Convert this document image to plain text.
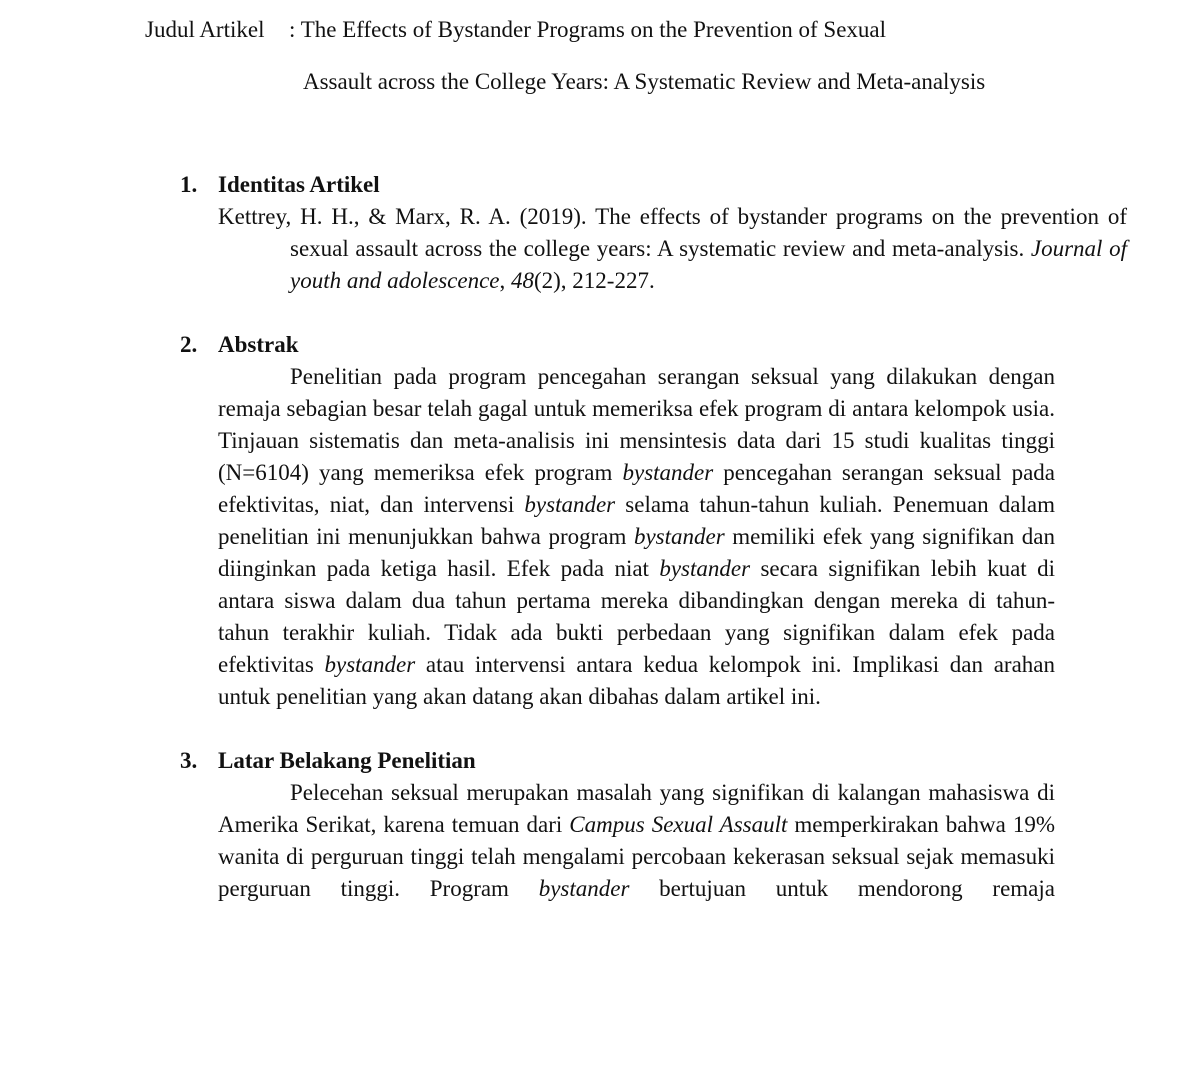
Judul Artikel : The Effects of Bystander Programs on the Prevention of Sexual
Assault across the College Years: A Systematic Review and Meta-analysis
1. Identitas Artikel
Kettrey, H. H., & Marx, R. A. (2019). The effects of bystander programs on the prevention of sexual assault across the college years: A systematic review and meta-analysis. Journal of youth and adolescence, 48(2), 212-227.
2. Abstrak
Penelitian pada program pencegahan serangan seksual yang dilakukan dengan remaja sebagian besar telah gagal untuk memeriksa efek program di antara kelompok usia. Tinjauan sistematis dan meta-analisis ini mensintesis data dari 15 studi kualitas tinggi (N=6104) yang memeriksa efek program bystander pencegahan serangan seksual pada efektivitas, niat, dan intervensi bystander selama tahun-tahun kuliah. Penemuan dalam penelitian ini menunjukkan bahwa program bystander memiliki efek yang signifikan dan diinginkan pada ketiga hasil. Efek pada niat bystander secara signifikan lebih kuat di antara siswa dalam dua tahun pertama mereka dibandingkan dengan mereka di tahun-tahun terakhir kuliah. Tidak ada bukti perbedaan yang signifikan dalam efek pada efektivitas bystander atau intervensi antara kedua kelompok ini. Implikasi dan arahan untuk penelitian yang akan datang akan dibahas dalam artikel ini.
3. Latar Belakang Penelitian
Pelecehan seksual merupakan masalah yang signifikan di kalangan mahasiswa di Amerika Serikat, karena temuan dari Campus Sexual Assault memperkirakan bahwa 19% wanita di perguruan tinggi telah mengalami percobaan kekerasan seksual sejak memasuki perguruan tinggi. Program bystander bertujuan untuk mendorong remaja
